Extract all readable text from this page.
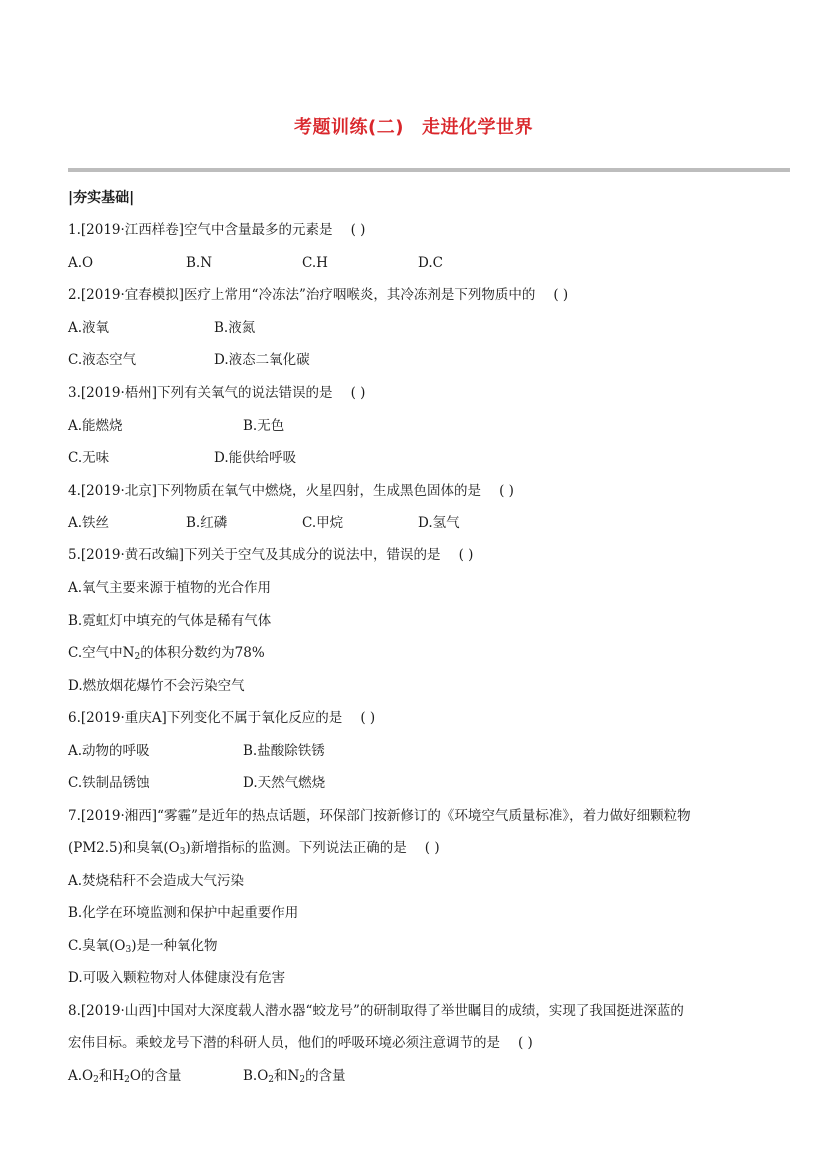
考题训练(二) 走进化学世界
|夯实基础|
1.[2019·江西样卷]空气中含量最多的元素是 ( )
A.O	B.N	C.H	D.C
2.[2019·宜春模拟]医疗上常用“冷冻法”治疗咽喉炎，其冷冻剂是下列物质中的 ( )
A.液氧	B.液氮
C.液态空气	D.液态二氧化碳
3.[2019·梧州]下列有关氧气的说法错误的是 ( )
A.能燃烧	B.无色
C.无味	D.能供给呼吸
4.[2019·北京]下列物质在氧气中燃烧，火星四射，生成黑色固体的是 ( )
A.铁丝	B.红磷	C.甲烷	D.氢气
5.[2019·黄石改编]下列关于空气及其成分的说法中，错误的是 ( )
A.氧气主要来源于植物的光合作用
B.霓虹灯中填充的气体是稀有气体
C.空气中$N_2$的体积分数约为78%
D.燃放烟花爆竹不会污染空气
6.[2019·重庆A]下列变化不属于氧化反应的是 ( )
A.动物的呼吸	B.盐酸除铁锈
C.铁制品锈蚀	D.天然气燃烧
7.[2019·湘西]“雾霾”是近年的热点话题，环保部门按新修订的《环境空气质量标准》，着力做好细颗粒物
(PM2.5)和臭氧$(O_3)$新增指标的监测。下列说法正确的是 ( )
A.焚烧秸秆不会造成大气污染
B.化学在环境监测和保护中起重要作用
C.臭氧$(O_3)$是一种氧化物
D.可吸入颗粒物对人体健康没有危害
8.[2019·山西]中国对大深度载人潜水器“蛟龙号”的研制取得了举世瞩目的成绩，实现了我国挺进深蓝的
宏伟目标。乘蛟龙号下潜的科研人员，他们的呼吸环境必须注意调节的是 ( )
$A.O_2$和$H_2O$的含量	$B.O_2$和$N_2$的含量
